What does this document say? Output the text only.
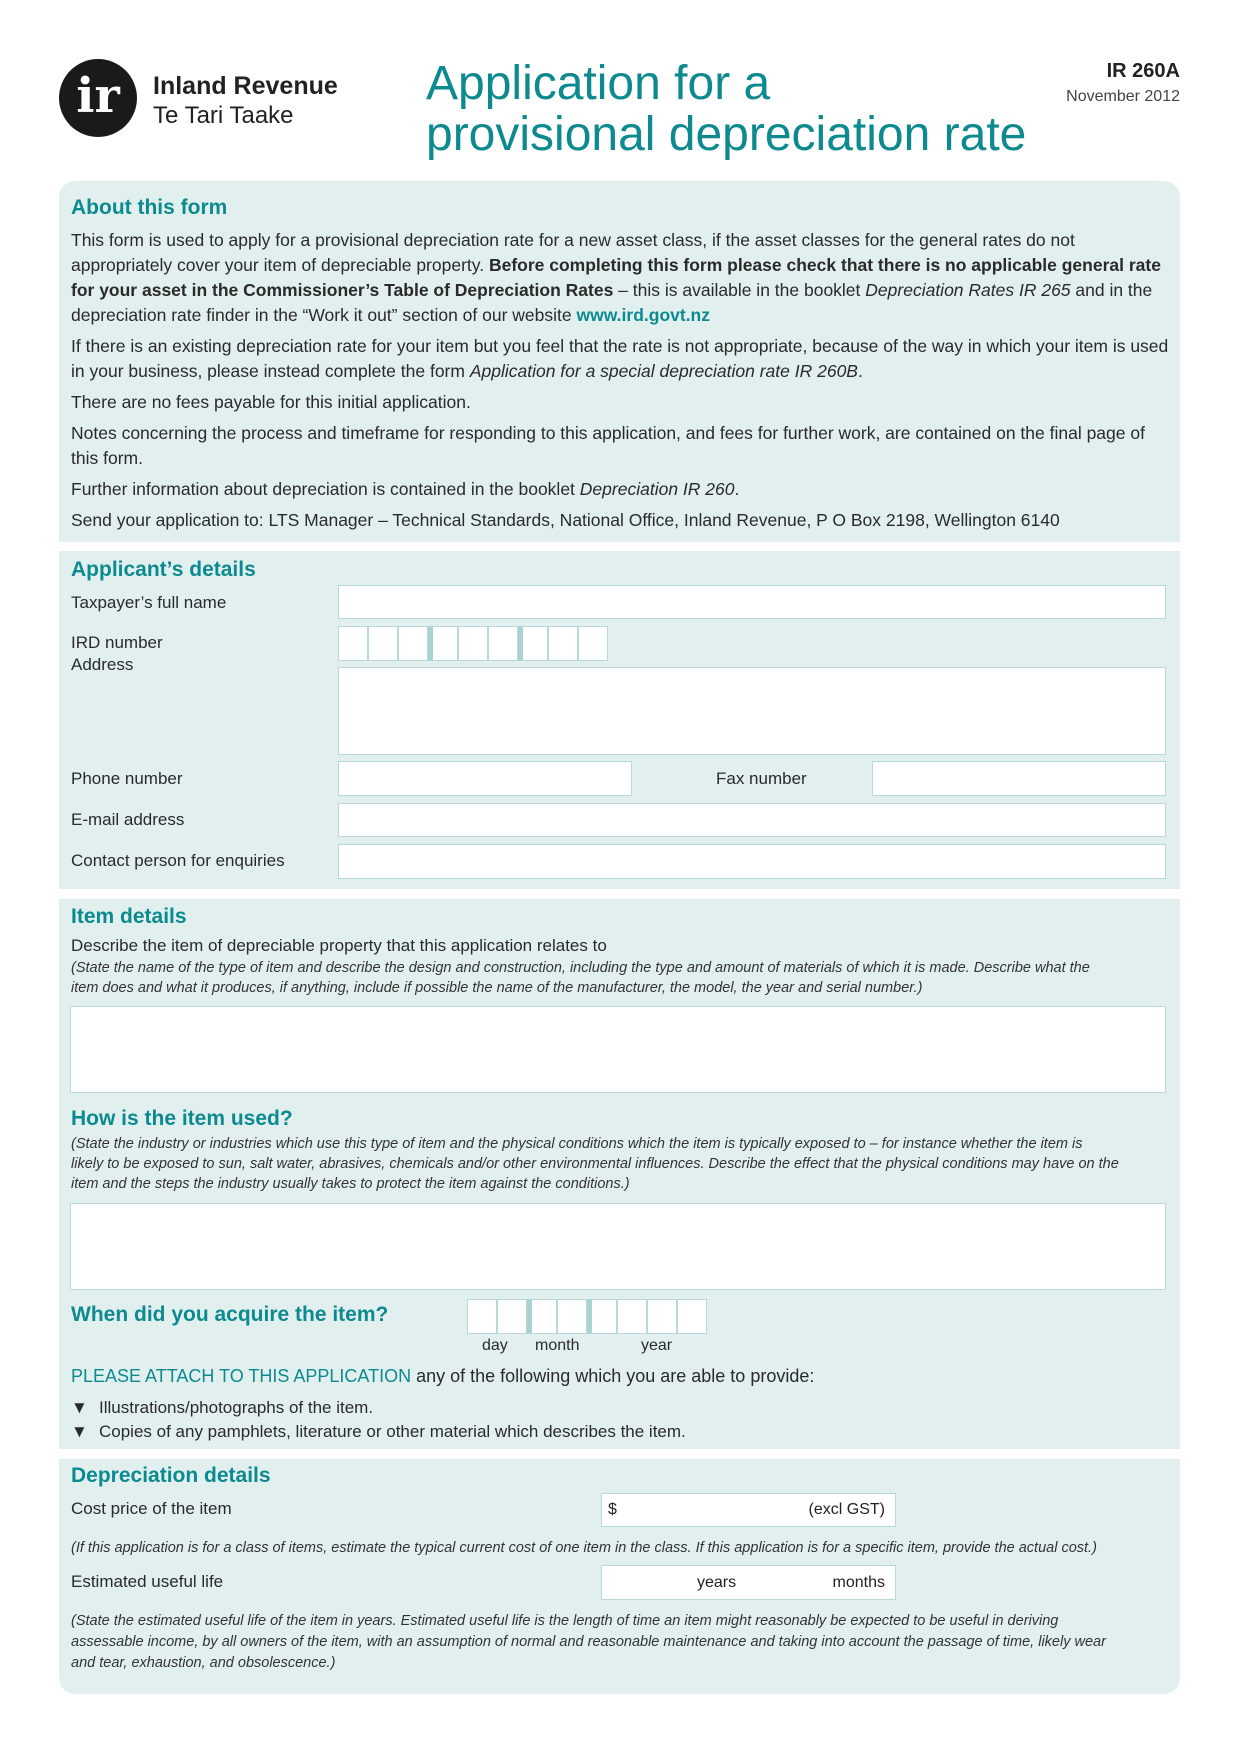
ir	Inland Revenue
Te Tari Taake
Application for a
provisional depreciation rate
IR 260A
November 2012
About this form

This form is used to apply for a provisional depreciation rate for a new asset class, if the asset classes for the general rates do not appropriately cover your item of depreciable property. Before completing this form please check that there is no applicable general rate for your asset in the Commissioner’s Table of Depreciation Rates – this is available in the booklet Depreciation Rates IR 265 and in the depreciation rate finder in the “Work it out” section of our website www.ird.govt.nz

If there is an existing depreciation rate for your item but you feel that the rate is not appropriate, because of the way in which your item is used in your business, please instead complete the form Application for a special depreciation rate IR 260B.

There are no fees payable for this initial application.

Notes concerning the process and timeframe for responding to this application, and fees for further work, are contained on the final page of this form.

Further information about depreciation is contained in the booklet Depreciation IR 260.

Send your application to: LTS Manager – Technical Standards, National Office, Inland Revenue, P O Box 2198, Wellington 6140

Applicant’s details
Taxpayer’s full name
IRD number
Address
Phone number	Fax number
E-mail address
Contact person for enquiries
Item details
Describe the item of depreciable property that this application relates to
(State the name of the type of item and describe the design and construction, including the type and amount of materials of which it is made. Describe what the
item does and what it produces, if anything, include if possible the name of the manufacturer, the model, the year and serial number.)
How is the item used?
(State the industry or industries which use this type of item and the physical conditions which the item is typically exposed to – for instance whether the item is
likely to be exposed to sun, salt water, abrasives, chemicals and/or other environmental influences. Describe the effect that the physical conditions may have on the
item and the steps the industry usually takes to protect the item against the conditions.)
When did you acquire the item?
day month	year
PLEASE ATTACH TO THIS APPLICATION any of the following which you are able to provide:
▼ Illustrations/photographs of the item.
▼ Copies of any pamphlets, literature or other material which describes the item.
Depreciation details
Cost price of the item	$	(excl GST)
(If this application is for a class of items, estimate the typical current cost of one item in the class. If this application is for a specific item, provide the actual cost.)
Estimated useful life	years	months
(State the estimated useful life of the item in years. Estimated useful life is the length of time an item might reasonably be expected to be useful in deriving
assessable income, by all owners of the item, with an assumption of normal and reasonable maintenance and taking into account the passage of time, likely wear
and tear, exhaustion, and obsolescence.)
